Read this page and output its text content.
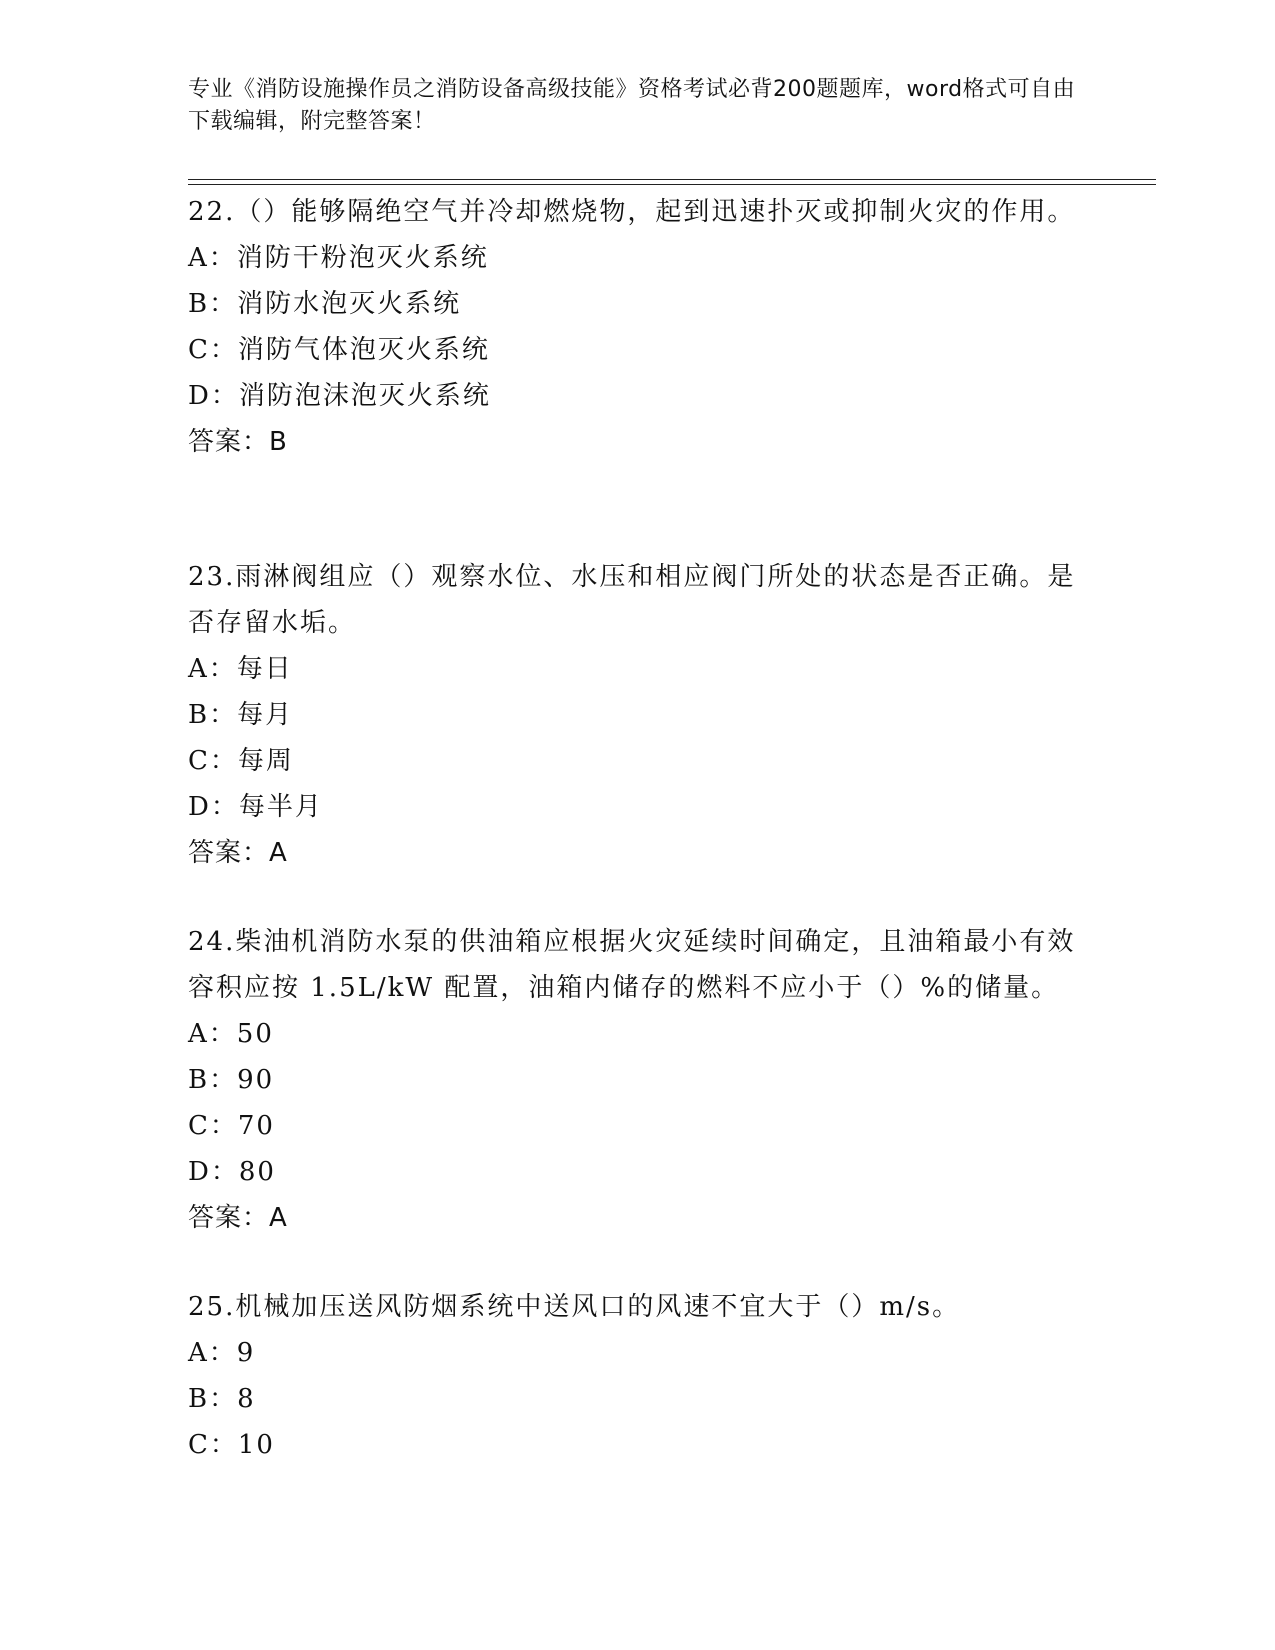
专业《消防设施操作员之消防设备高级技能》资格考试必背200题题库，word格式可自由下载编辑，附完整答案！
22.（）能够隔绝空气并冷却燃烧物，起到迅速扑灭或抑制火灾的作用。
A：消防干粉泡灭火系统
B：消防水泡灭火系统
C：消防气体泡灭火系统
D：消防泡沫泡灭火系统
答案：B
23.雨淋阀组应（）观察水位、水压和相应阀门所处的状态是否正确。是否存留水垢。
A：每日
B：每月
C：每周
D：每半月
答案：A
24.柴油机消防水泵的供油箱应根据火灾延续时间确定，且油箱最小有效容积应按 1.5L/kW 配置，油箱内储存的燃料不应小于（）%的储量。
A：50
B：90
C：70
D：80
答案：A
25.机械加压送风防烟系统中送风口的风速不宜大于（）m/s。
A：9
B：8
C：10
